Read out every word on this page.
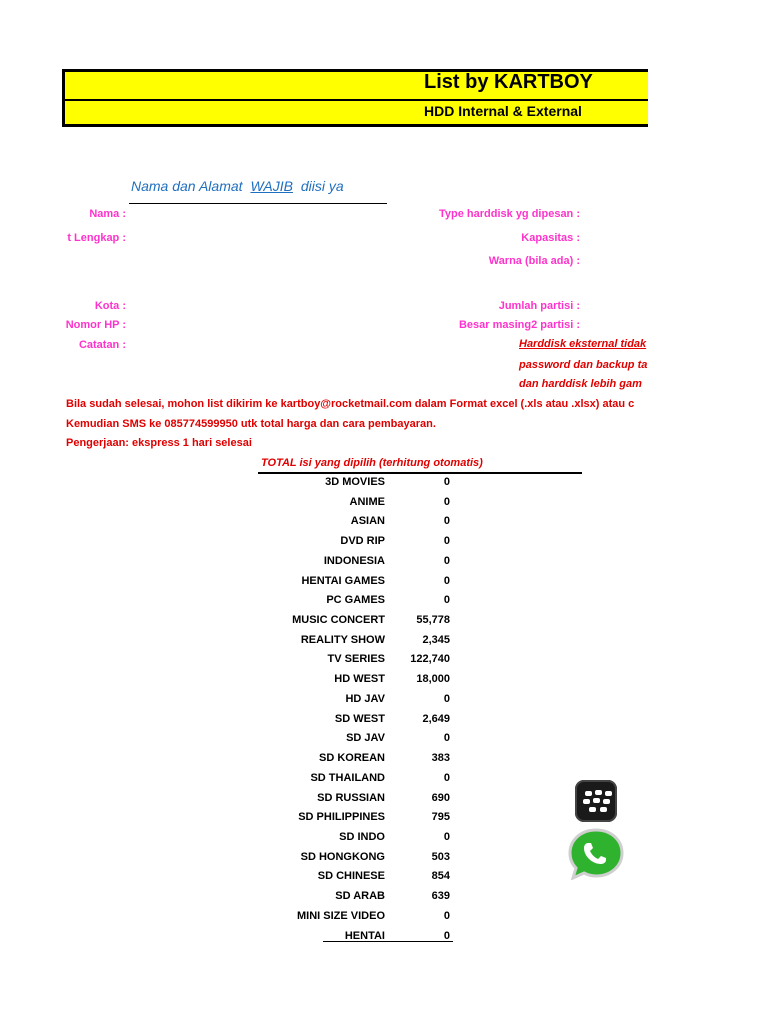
List by KARTBOY
HDD Internal & External
Nama dan Alamat WAJIB diisi ya
Nama :
t Lengkap :
Kota :
Nomor HP :
Catatan :
Type harddisk yg dipesan :
Kapasitas :
Warna (bila ada) :
Jumlah partisi :
Besar masing2 partisi :
Harddisk eksternal tidak
password dan backup ta
dan harddisk lebih gam
Bila sudah selesai, mohon list dikirim ke kartboy@rocketmail.com dalam Format excel (.xls atau .xlsx) atau c
Kemudian SMS ke 085774599950 utk total harga dan cara pembayaran.
Pengerjaan: ekspress 1 hari selesai
TOTAL isi yang dipilih (terhitung otomatis)
3D MOVIES	0
ANIME	0
ASIAN	0
DVD RIP	0
INDONESIA	0
HENTAI GAMES	0
PC GAMES	0
MUSIC CONCERT	55,778
REALITY SHOW	2,345
TV SERIES	122,740
HD WEST	18,000
HD JAV	0
SD WEST	2,649
SD JAV	0
SD KOREAN	383
SD THAILAND	0
SD RUSSIAN	690
SD PHILIPPINES	795
SD INDO	0
SD HONGKONG	503
SD CHINESE	854
SD ARAB	639
MINI SIZE VIDEO	0
HENTAI	0
